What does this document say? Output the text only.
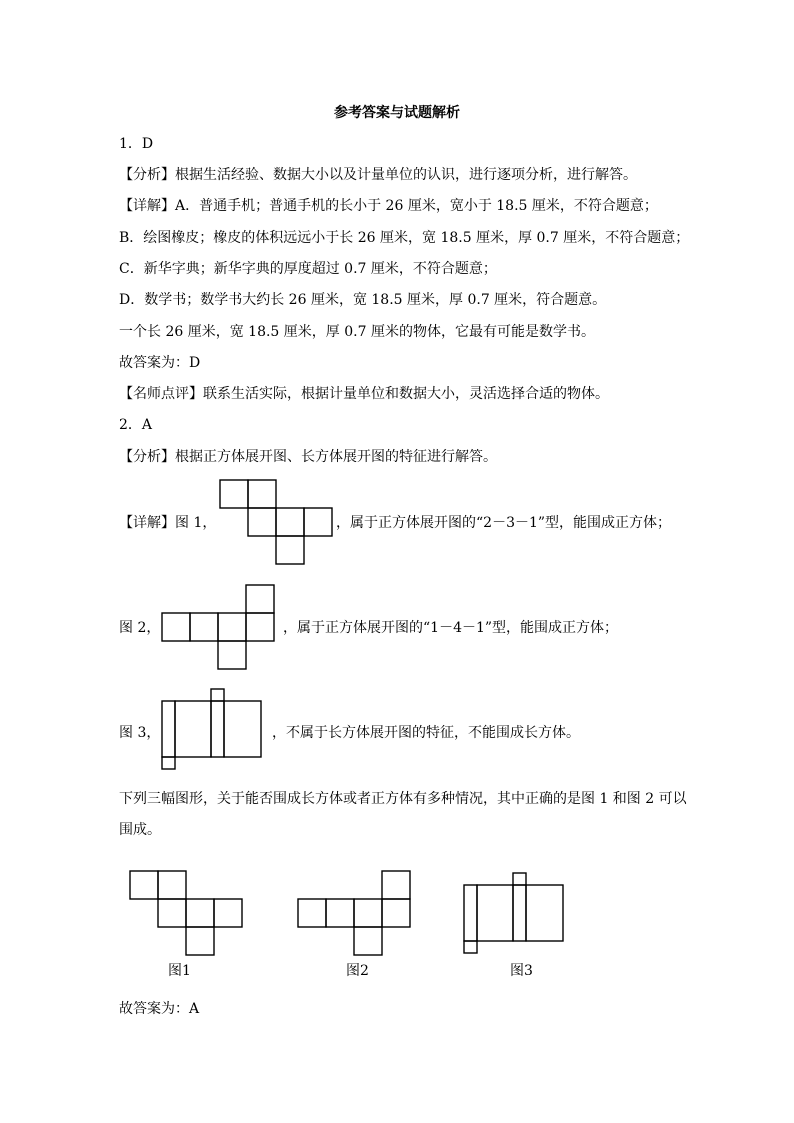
参考答案与试题解析
1．D
【分析】根据生活经验、数据大小以及计量单位的认识，进行逐项分析，进行解答。
【详解】A．普通手机；普通手机的长小于 26 厘米，宽小于 18.5 厘米，不符合题意；
B．绘图橡皮；橡皮的体积远远小于长 26 厘米，宽 18.5 厘米，厚 0.7 厘米，不符合题意；
C．新华字典；新华字典的厚度超过 0.7 厘米，不符合题意；
D．数学书；数学书大约长 26 厘米，宽 18.5 厘米，厚 0.7 厘米，符合题意。
一个长 26 厘米，宽 18.5 厘米，厚 0.7 厘米的物体，它最有可能是数学书。
故答案为：D
【名师点评】联系生活实际，根据计量单位和数据大小，灵活选择合适的物体。
2．A
【分析】根据正方体展开图、长方体展开图的特征进行解答。
【详解】图 1，	，属于正方体展开图的“2－3－1”型，能围成正方体；
图 2，	，属于正方体展开图的“1－4－1”型，能围成正方体；
图 3，	，不属于长方体展开图的特征，不能围成长方体。
下列三幅图形，关于能否围成长方体或者正方体有多种情况，其中正确的是图 1 和图 2 可以
围成。
图1	图2	图3
故答案为：A
